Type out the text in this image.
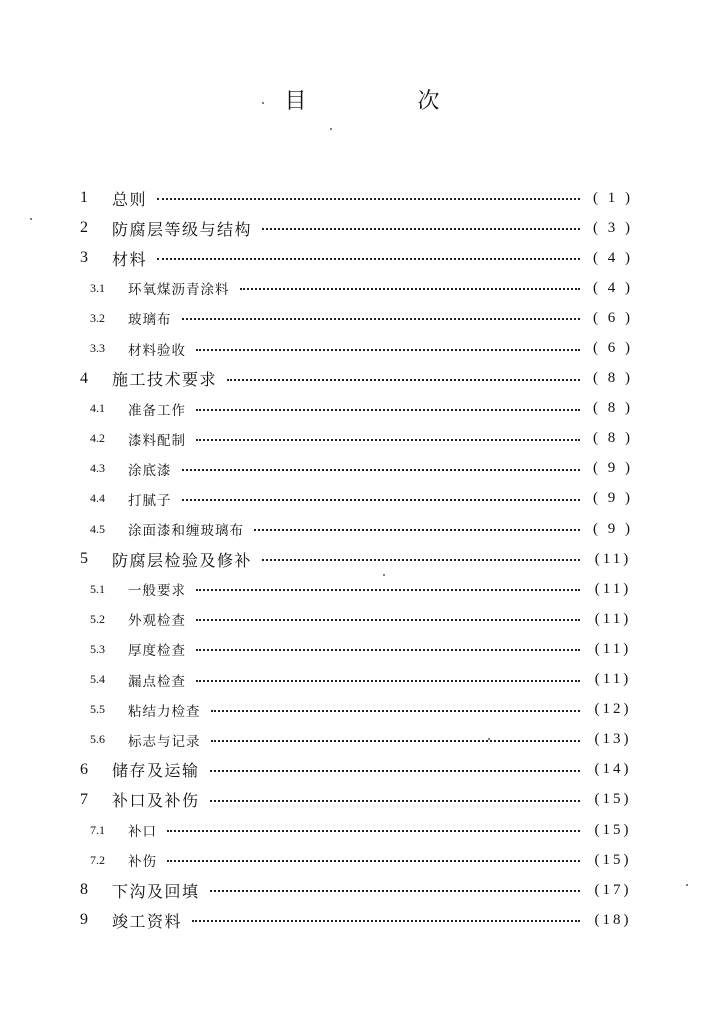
目 次
1	总则	( 1 )
2	防腐层等级与结构	( 3 )
3	材料	( 4 )
3.1	环氧煤沥青涂料	( 4 )
3.2	玻璃布	( 6 )
3.3	材料验收	( 6 )
4	施工技术要求	( 8 )
4.1	准备工作	( 8 )
4.2	漆料配制	( 8 )
4.3	涂底漆	( 9 )
4.4	打腻子	( 9 )
4.5	涂面漆和缠玻璃布	( 9 )
5	防腐层检验及修补	(11)
5.1	一般要求	(11)
5.2	外观检查	(11)
5.3	厚度检查	(11)
5.4	漏点检查	(11)
5.5	粘结力检查	(12)
5.6	标志与记录	(13)
6	储存及运输	(14)
7	补口及补伤	(15)
7.1	补口	(15)
7.2	补伤	(15)
8	下沟及回填	(17)
9	竣工资料	(18)
